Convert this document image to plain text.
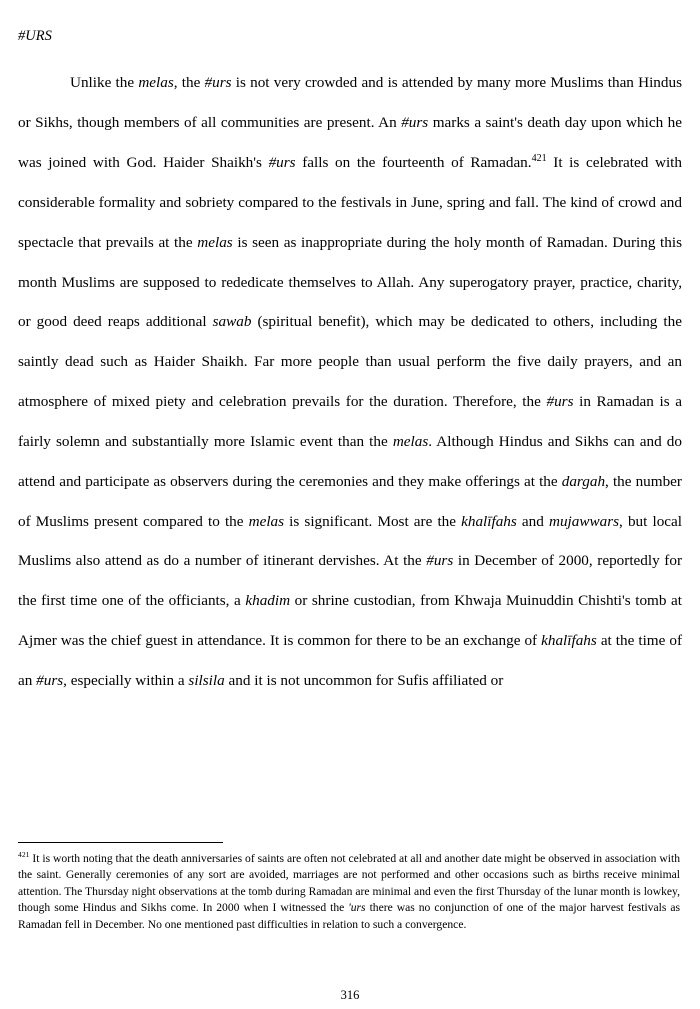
#URS

Unlike the melas, the #urs is not very crowded and is attended by many more Muslims than Hindus or Sikhs, though members of all communities are present. An #urs marks a saint's death day upon which he was joined with God. Haider Shaikh's #urs falls on the fourteenth of Ramadan.$^{421}$ It is celebrated with considerable formality and sobriety compared to the festivals in June, spring and fall. The kind of crowd and spectacle that prevails at the melas is seen as inappropriate during the holy month of Ramadan. During this month Muslims are supposed to rededicate themselves to Allah. Any superogatory prayer, practice, charity, or good deed reaps additional sawab (spiritual benefit), which may be dedicated to others, including the saintly dead such as Haider Shaikh. Far more people than usual perform the five daily prayers, and an atmosphere of mixed piety and celebration prevails for the duration. Therefore, the #urs in Ramadan is a fairly solemn and substantially more Islamic event than the melas. Although Hindus and Sikhs can and do attend and participate as observers during the ceremonies and they make offerings at the dargah, the number of Muslims present compared to the melas is significant. Most are the khalīfahs and mujawwars, but local Muslims also attend as do a number of itinerant dervishes. At the #urs in December of 2000, reportedly for the first time one of the officiants, a khadim or shrine custodian, from Khwaja Muinuddin Chishti's tomb at Ajmer was the chief guest in attendance. It is common for there to be an exchange of khalīfahs at the time of an #urs, especially within a silsila and it is not uncommon for Sufis affiliated or

$^{421}$ It is worth noting that the death anniversaries of saints are often not celebrated at all and another date might be observed in association with the saint. Generally ceremonies of any sort are avoided, marriages are not performed and other occasions such as births receive minimal attention. The Thursday night observations at the tomb during Ramadan are minimal and even the first Thursday of the lunar month is lowkey, though some Hindus and Sikhs come. In 2000 when I witnessed the 'urs there was no conjunction of one of the major harvest festivals as Ramadan fell in December. No one mentioned past difficulties in relation to such a convergence.

316
